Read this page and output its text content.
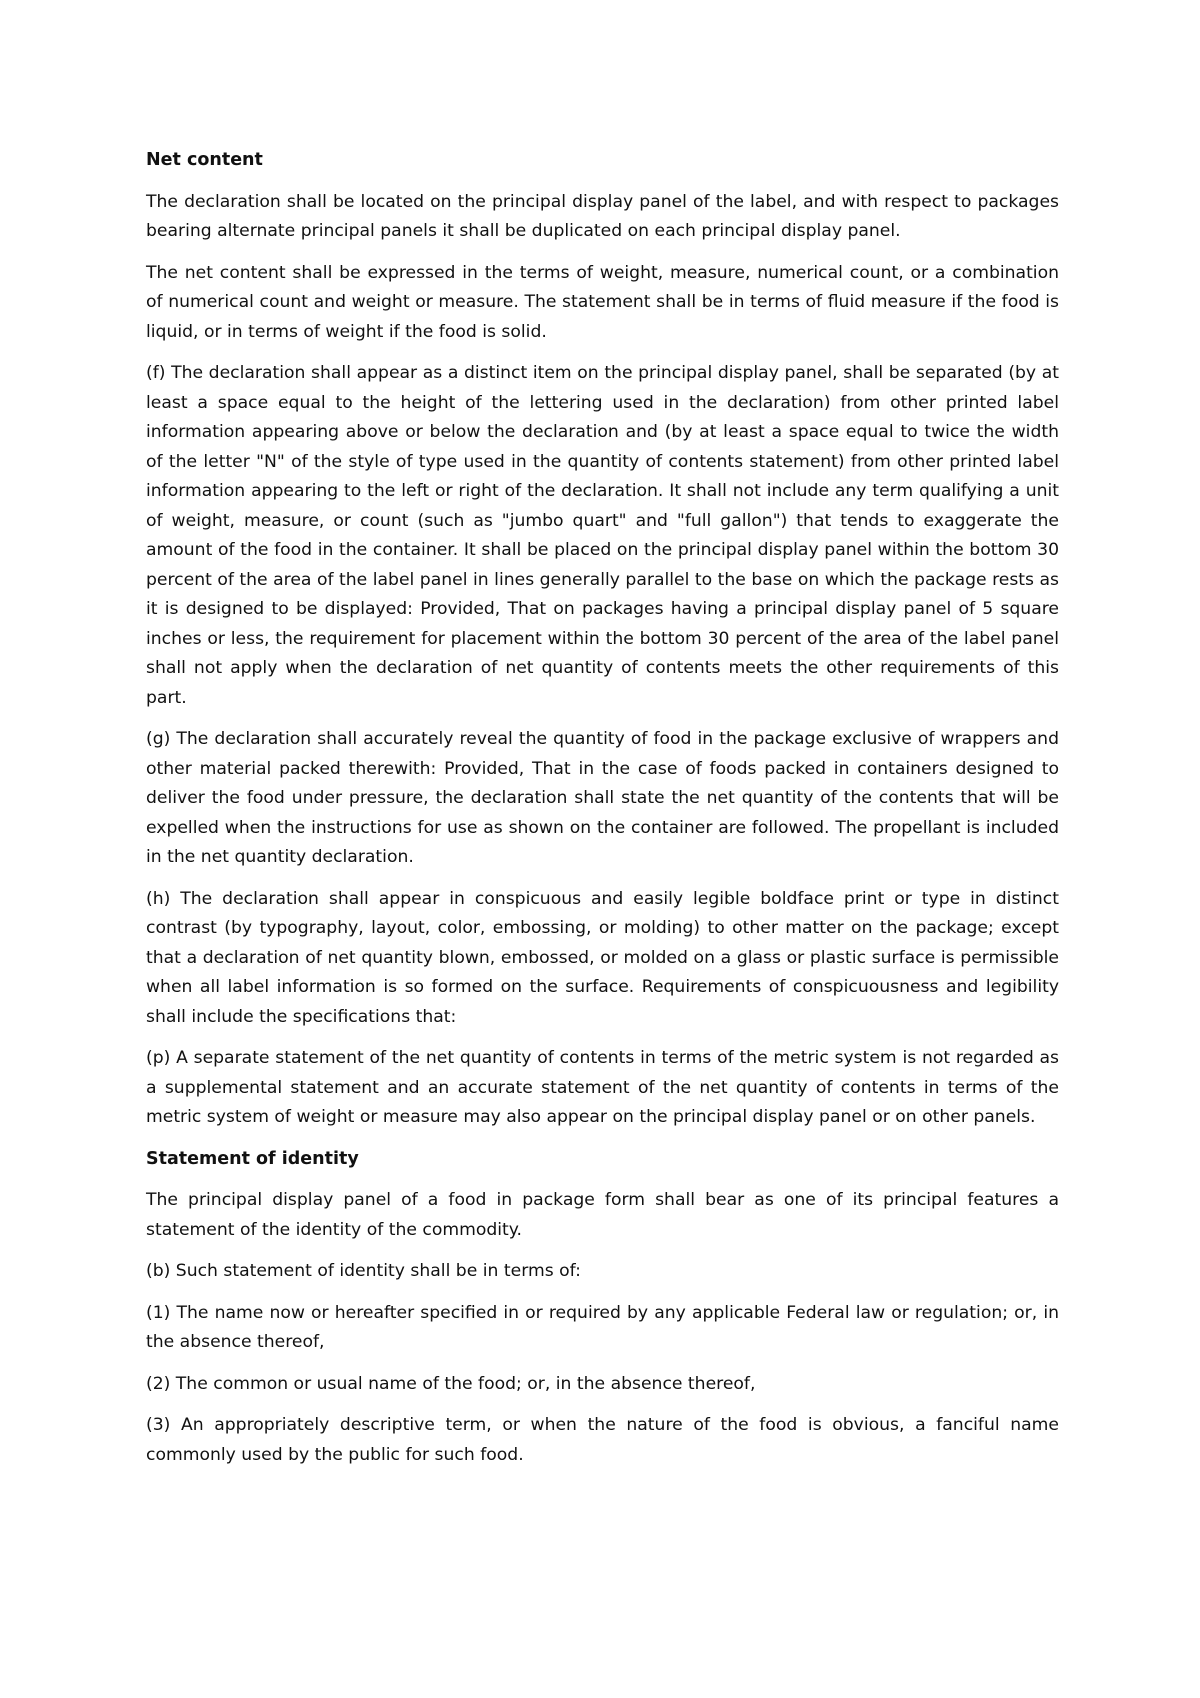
Net content

The declaration shall be located on the principal display panel of the label, and with respect to packages bearing alternate principal panels it shall be duplicated on each principal display panel.

The net content shall be expressed in the terms of weight, measure, numerical count, or a combination of numerical count and weight or measure. The statement shall be in terms of fluid measure if the food is liquid, or in terms of weight if the food is solid.

(f) The declaration shall appear as a distinct item on the principal display panel, shall be separated (by at least a space equal to the height of the lettering used in the declaration) from other printed label information appearing above or below the declaration and (by at least a space equal to twice the width of the letter "N" of the style of type used in the quantity of contents statement) from other printed label information appearing to the left or right of the declaration. It shall not include any term qualifying a unit of weight, measure, or count (such as "jumbo quart" and "full gallon") that tends to exaggerate the amount of the food in the container. It shall be placed on the principal display panel within the bottom 30 percent of the area of the label panel in lines generally parallel to the base on which the package rests as it is designed to be displayed: Provided, That on packages having a principal display panel of 5 square inches or less, the requirement for placement within the bottom 30 percent of the area of the label panel shall not apply when the declaration of net quantity of contents meets the other requirements of this part.

(g) The declaration shall accurately reveal the quantity of food in the package exclusive of wrappers and other material packed therewith: Provided, That in the case of foods packed in containers designed to deliver the food under pressure, the declaration shall state the net quantity of the contents that will be expelled when the instructions for use as shown on the container are followed. The propellant is included in the net quantity declaration.

(h) The declaration shall appear in conspicuous and easily legible boldface print or type in distinct contrast (by typography, layout, color, embossing, or molding) to other matter on the package; except that a declaration of net quantity blown, embossed, or molded on a glass or plastic surface is permissible when all label information is so formed on the surface. Requirements of conspicuousness and legibility shall include the specifications that:

(p) A separate statement of the net quantity of contents in terms of the metric system is not regarded as a supplemental statement and an accurate statement of the net quantity of contents in terms of the metric system of weight or measure may also appear on the principal display panel or on other panels.

Statement of identity

The principal display panel of a food in package form shall bear as one of its principal features a statement of the identity of the commodity.

(b) Such statement of identity shall be in terms of:

(1) The name now or hereafter specified in or required by any applicable Federal law or regulation; or, in the absence thereof,

(2) The common or usual name of the food; or, in the absence thereof,

(3) An appropriately descriptive term, or when the nature of the food is obvious, a fanciful name commonly used by the public for such food.
